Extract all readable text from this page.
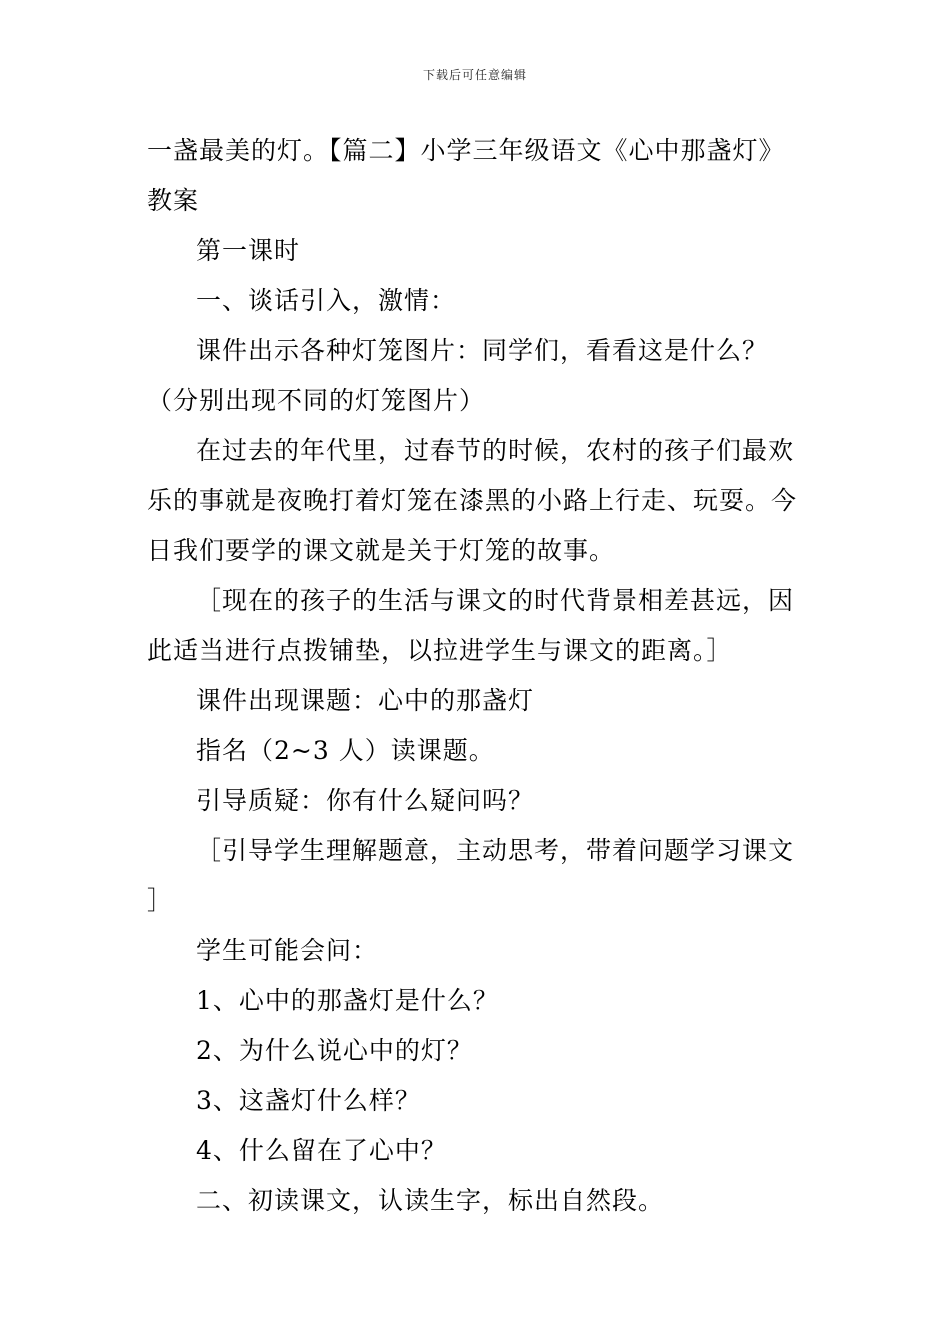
下载后可任意编辑
一盏最美的灯。【篇二】小学三年级语文《心中那盏灯》
教案
第一课时
一、谈话引入，激情：
课件出示各种灯笼图片：同学们，看看这是什么？
（分别出现不同的灯笼图片）
在过去的年代里，过春节的时候，农村的孩子们最欢
乐的事就是夜晚打着灯笼在漆黑的小路上行走、玩耍。今
日我们要学的课文就是关于灯笼的故事。
［现在的孩子的生活与课文的时代背景相差甚远，因
此适当进行点拨铺垫，以拉进学生与课文的距离。］
课件出现课题：心中的那盏灯
指名（2~3 人）读课题。
引导质疑：你有什么疑问吗？
［引导学生理解题意，主动思考，带着问题学习课文
］
学生可能会问：
1、心中的那盏灯是什么？
2、为什么说心中的灯？
3、这盏灯什么样？
4、什么留在了心中？
二、初读课文，认读生字，标出自然段。
